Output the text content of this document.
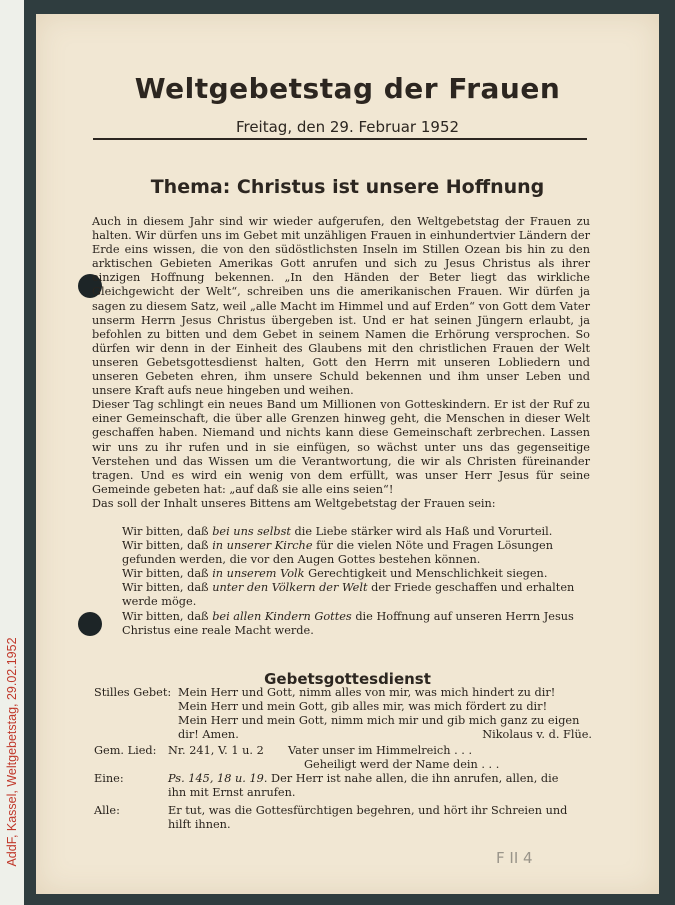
AddF, Kassel, Weltgebetstag, 29.02.1952
Weltgebetstag der Frauen
Freitag, den 29. Februar 1952
Thema: Christus ist unsere Hoffnung

Auch in diesem Jahr sind wir wieder aufgerufen, den Weltgebetstag der Frauen zu halten. Wir dürfen uns im Gebet mit unzähligen Frauen in einhundertvier Ländern der Erde eins wissen, die von den südöstlichsten Inseln im Stillen Ozean bis hin zu den arktischen Gebieten Amerikas Gott anrufen und sich zu Jesus Christus als ihrer einzigen Hoffnung bekennen. „In den Händen der Beter liegt das wirkliche Gleichgewicht der Welt“, schreiben uns die amerikanischen Frauen. Wir dürfen ja sagen zu diesem Satz, weil „alle Macht im Himmel und auf Erden“ von Gott dem Vater unserm Herrn Jesus Christus übergeben ist. Und er hat seinen Jüngern erlaubt, ja befohlen zu bitten und dem Gebet in seinem Namen die Erhörung versprochen. So dürfen wir denn in der Einheit des Glaubens mit den christlichen Frauen der Welt unseren Gebetsgottesdienst halten, Gott den Herrn mit unseren Lobliedern und unseren Gebeten ehren, ihm unsere Schuld bekennen und ihm unser Leben und unsere Kraft aufs neue hingeben und weihen.

Dieser Tag schlingt ein neues Band um Millionen von Gotteskindern. Er ist der Ruf zu einer Gemeinschaft, die über alle Grenzen hinweg geht, die Menschen in dieser Welt geschaffen haben. Niemand und nichts kann diese Gemeinschaft zerbrechen. Lassen wir uns zu ihr rufen und in sie einfügen, so wächst unter uns das gegenseitige Verstehen und das Wissen um die Verantwortung, die wir als Christen füreinander tragen. Und es wird ein wenig von dem erfüllt, was unser Herr Jesus für seine Gemeinde gebeten hat: „auf daß sie alle eins seien“!

Das soll der Inhalt unseres Bittens am Weltgebetstag der Frauen sein:

Wir bitten, daß bei uns selbst die Liebe stärker wird als Haß und Vorurteil.
Wir bitten, daß in unserer Kirche für die vielen Nöte und Fragen Lösungen gefunden werden, die vor den Augen Gottes bestehen können.
Wir bitten, daß in unserem Volk Gerechtigkeit und Menschlichkeit siegen.
Wir bitten, daß unter den Völkern der Welt der Friede geschaffen und erhalten werde möge.
Wir bitten, daß bei allen Kindern Gottes die Hoffnung auf unseren Herrn Jesus Christus eine reale Macht werde.
Gebetsgottesdienst
Stilles Gebet: Mein Herr und Gott, nimm alles von mir, was mich hindert zu dir!
Mein Herr und mein Gott, gib alles mir, was mich fördert zu dir!
Mein Herr und mein Gott, nimm mich mir und gib mich ganz zu eigen
dir! Amen.	Nikolaus v. d. Flüe.
Gem. Lied: Nr. 241, V. 1 u. 2 Vater unser im Himmelreich . . .
Geheiligt werd der Name dein . . .
Eine:	Ps. 145, 18 u. 19. Der Herr ist nahe allen, die ihn anrufen, allen, die
ihn mit Ernst anrufen.
Alle:	Er tut, was die Gottesfürchtigen begehren, und hört ihr Schreien und
hilft ihnen.
F II 4
